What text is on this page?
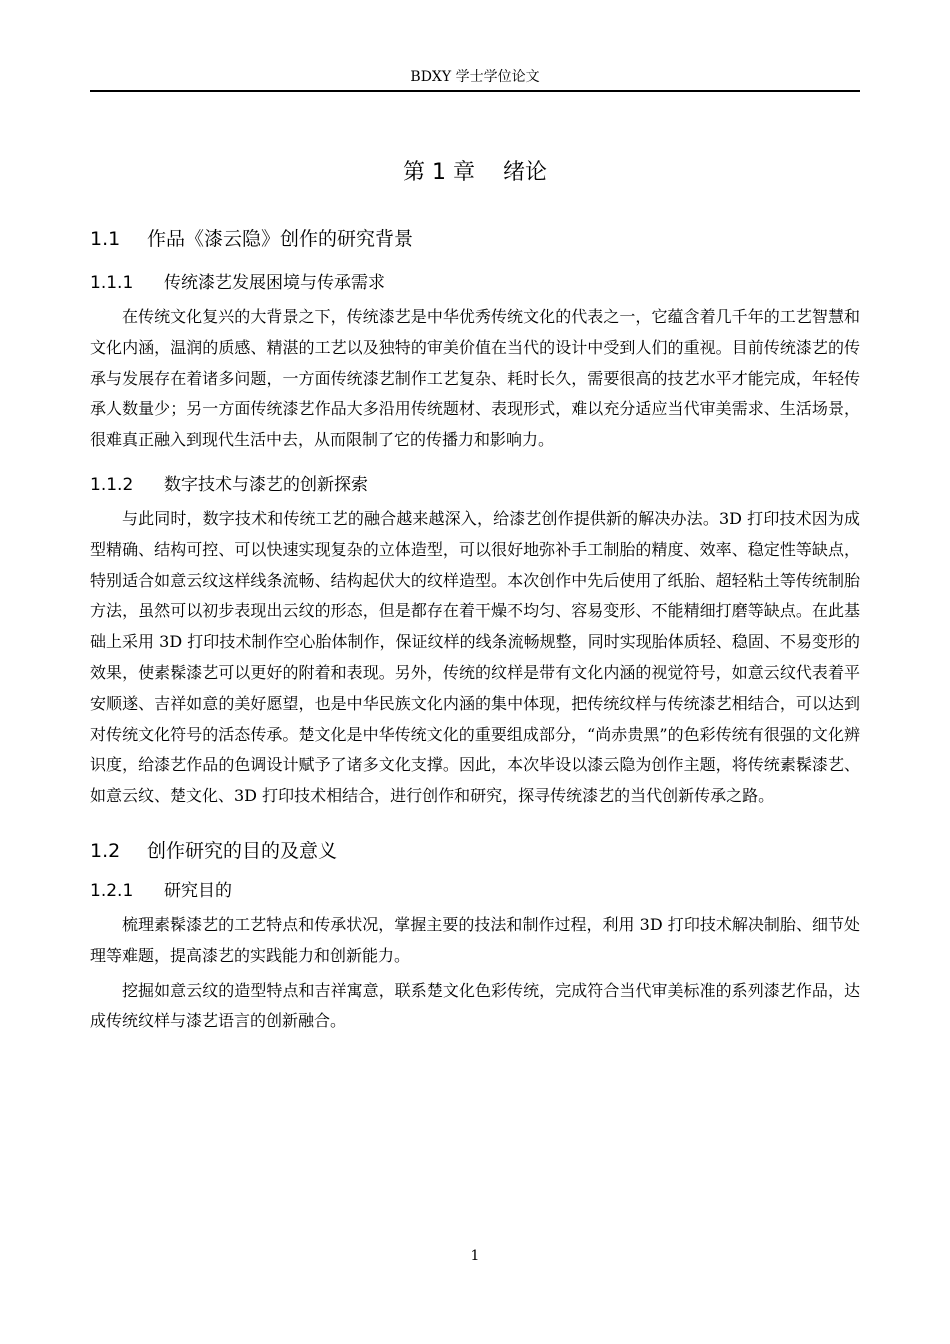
BDXY 学士学位论文
第 1 章 绪论
1.1 作品《漆云隐》创作的研究背景
1.1.1 传统漆艺发展困境与传承需求

在传统文化复兴的大背景之下，传统漆艺是中华优秀传统文化的代表之一，它蕴含着几千年的工艺智慧和文化内涵，温润的质感、精湛的工艺以及独特的审美价值在当代的设计中受到人们的重视。目前传统漆艺的传承与发展存在着诸多问题，一方面传统漆艺制作工艺复杂、耗时长久，需要很高的技艺水平才能完成，年轻传承人数量少；另一方面传统漆艺作品大多沿用传统题材、表现形式，难以充分适应当代审美需求、生活场景，很难真正融入到现代生活中去，从而限制了它的传播力和影响力。

1.1.2 数字技术与漆艺的创新探索

与此同时，数字技术和传统工艺的融合越来越深入，给漆艺创作提供新的解决办法。3D 打印技术因为成型精确、结构可控、可以快速实现复杂的立体造型，可以很好地弥补手工制胎的精度、效率、稳定性等缺点，特别适合如意云纹这样线条流畅、结构起伏大的纹样造型。本次创作中先后使用了纸胎、超轻粘土等传统制胎方法，虽然可以初步表现出云纹的形态，但是都存在着干燥不均匀、容易变形、不能精细打磨等缺点。在此基础上采用 3D 打印技术制作空心胎体制作，保证纹样的线条流畅规整，同时实现胎体质轻、稳固、不易变形的效果，使素髹漆艺可以更好的附着和表现。另外，传统的纹样是带有文化内涵的视觉符号，如意云纹代表着平安顺遂、吉祥如意的美好愿望，也是中华民族文化内涵的集中体现，把传统纹样与传统漆艺相结合，可以达到对传统文化符号的活态传承。楚文化是中华传统文化的重要组成部分，“尚赤贵黑”的色彩传统有很强的文化辨识度，给漆艺作品的色调设计赋予了诸多文化支撑。因此，本次毕设以漆云隐为创作主题，将传统素髹漆艺、如意云纹、楚文化、3D 打印技术相结合，进行创作和研究，探寻传统漆艺的当代创新传承之路。

1.2 创作研究的目的及意义
1.2.1 研究目的

梳理素髹漆艺的工艺特点和传承状况，掌握主要的技法和制作过程，利用 3D 打印技术解决制胎、细节处理等难题，提高漆艺的实践能力和创新能力。

挖掘如意云纹的造型特点和吉祥寓意，联系楚文化色彩传统，完成符合当代审美标准的系列漆艺作品，达成传统纹样与漆艺语言的创新融合。

1
